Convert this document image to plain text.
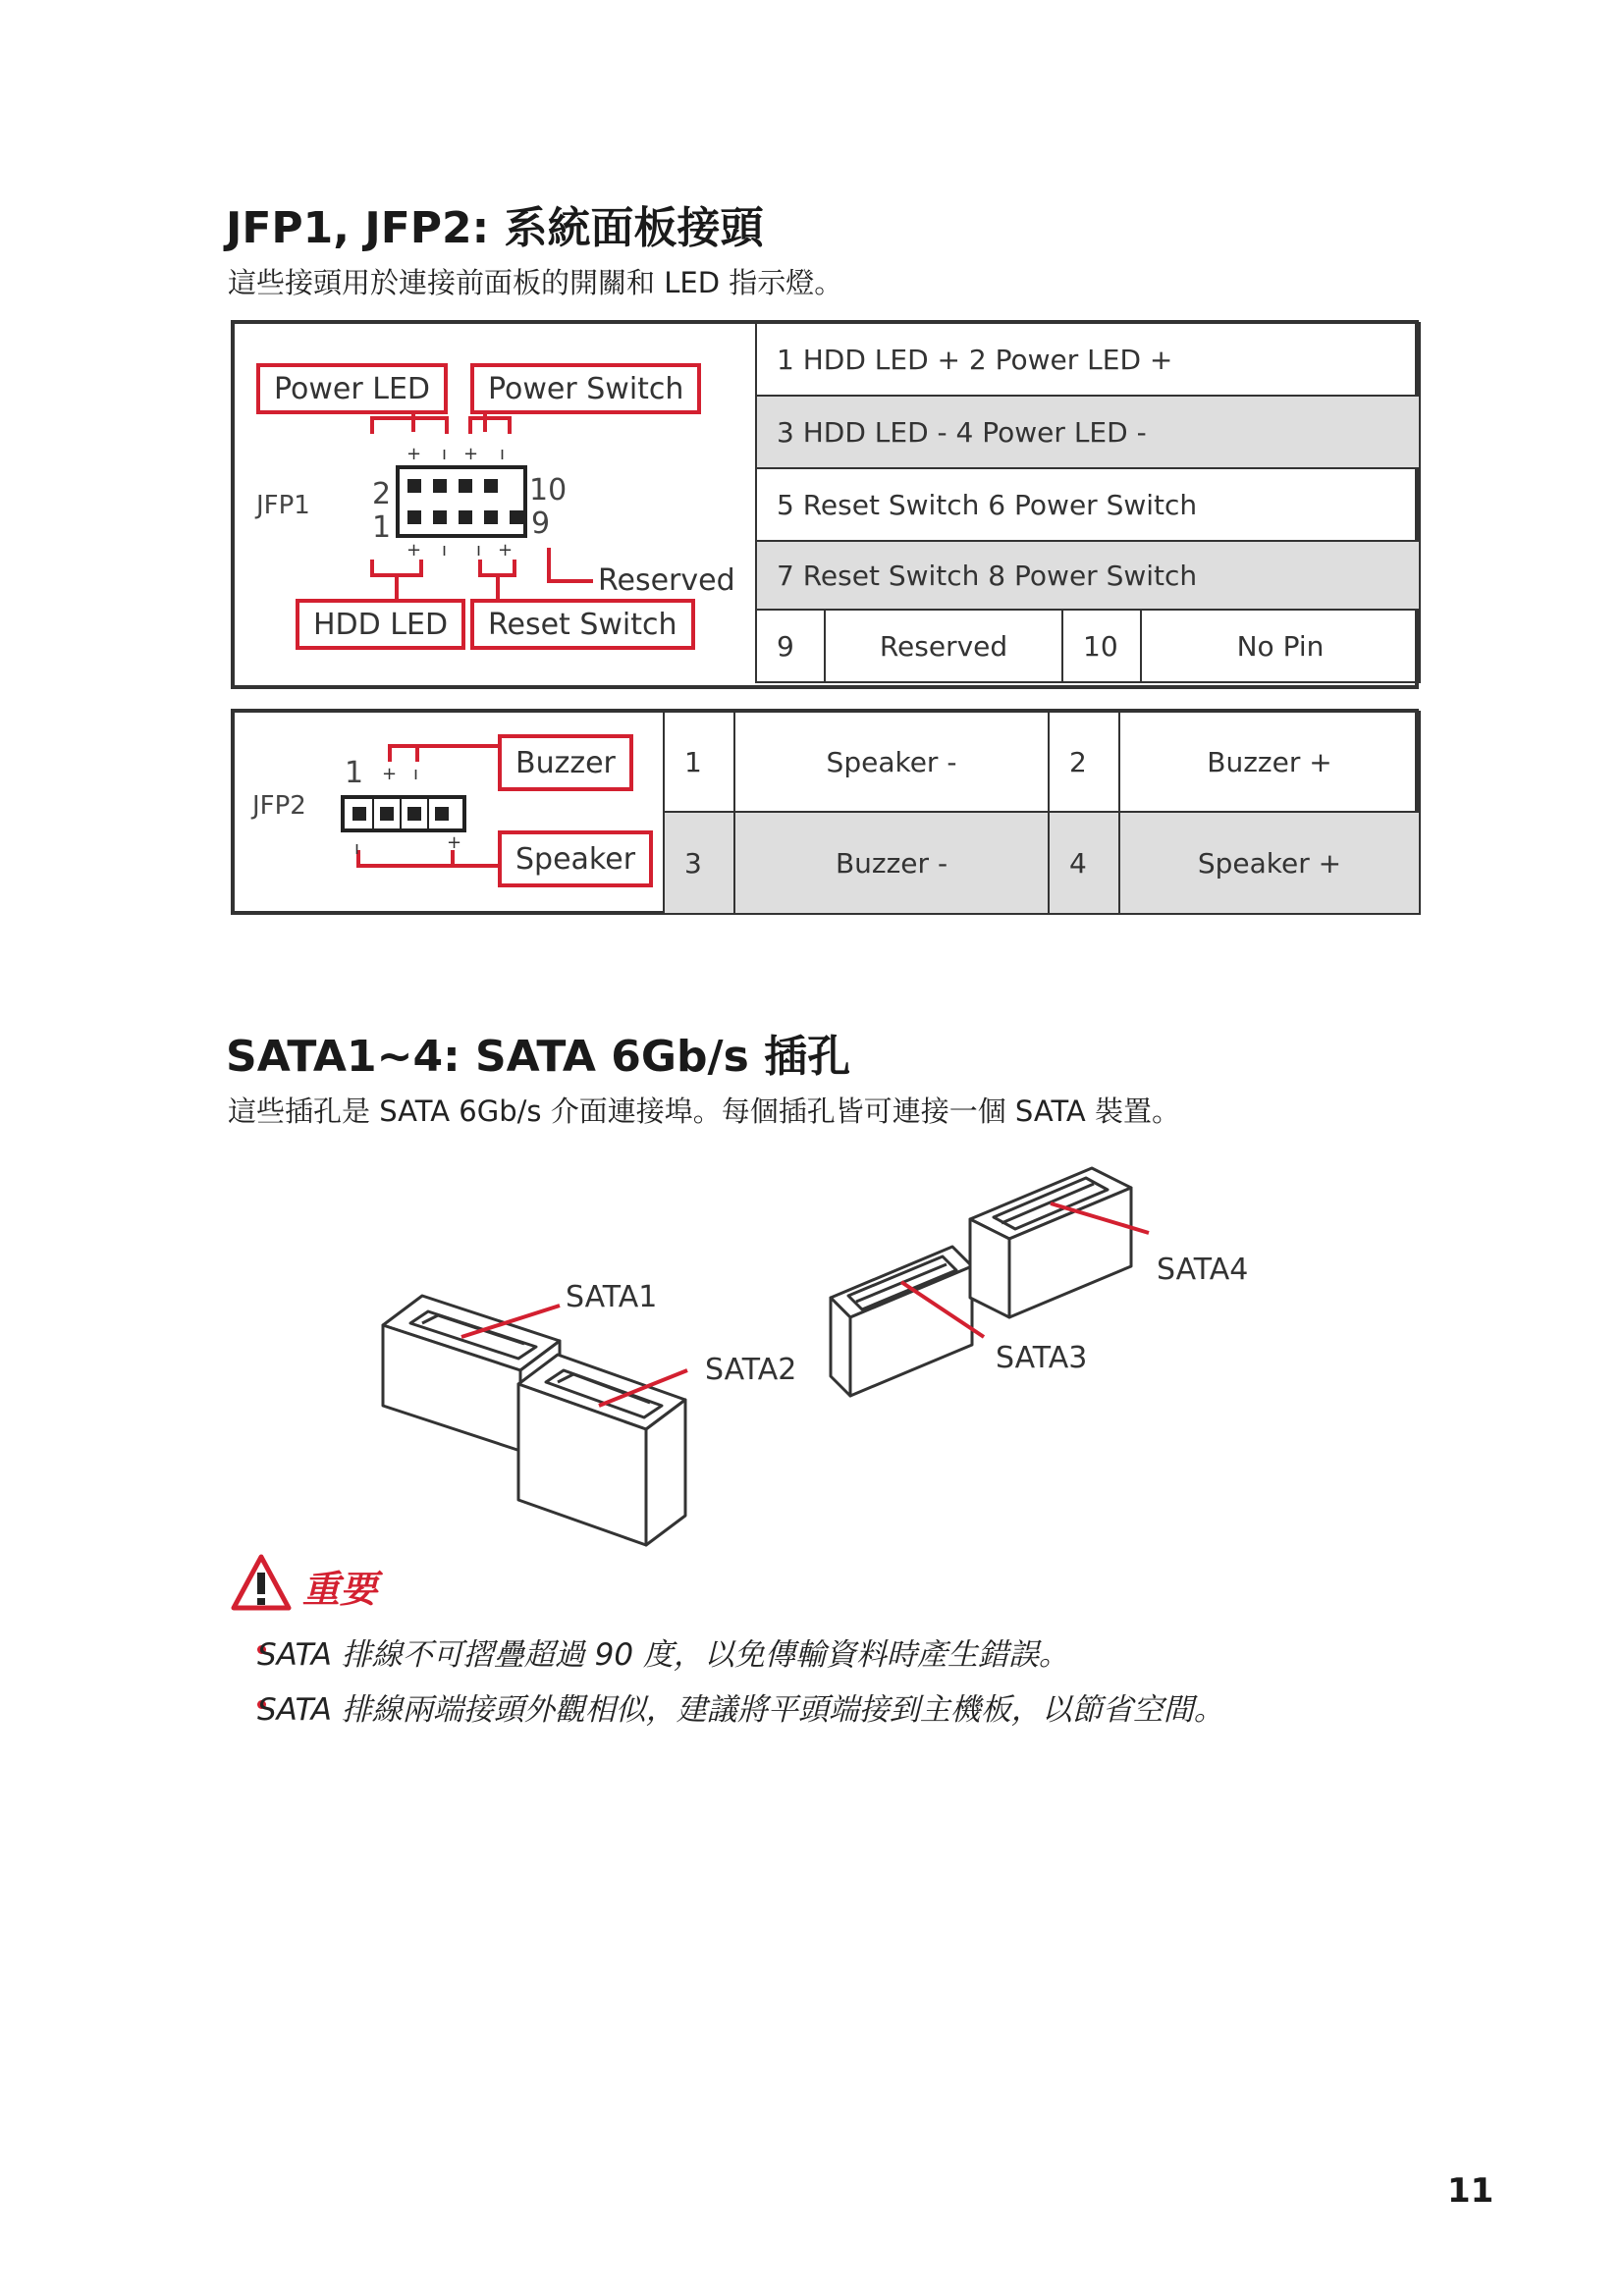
JFP1, JFP2: 系統面板接頭
這些接頭用於連接前面板的開關和 LED 指示燈。
+ ı + ı
+ ı ı +
JFP1 2
1
10
9
Power LED	Power Switch
HDD LED	Reset Switch
Reserved
1 HDD LED + 2 Power LED +
3 HDD LED - 4 Power LED -
5 Reset Switch 6 Power Switch
7 Reset Switch 8 Power Switch
9	Reserved	10	No Pin
+ ı
ı	+
JFP2
1	Buzzer
Speaker
1	Speaker -	2	Buzzer +
3	Buzzer -	4	Speaker +
SATA1~4: SATA 6Gb/s 插孔
這些插孔是 SATA 6Gb/s 介面連接埠。每個插孔皆可連接一個 SATA 裝置。
SATA1
SATA2	SATA3
SATA4
重要
SATA 排線不可摺疊超過 90 度，以免傳輸資料時產生錯誤。
SATA 排線兩端接頭外觀相似，建議將平頭端接到主機板，以節省空間。
11
